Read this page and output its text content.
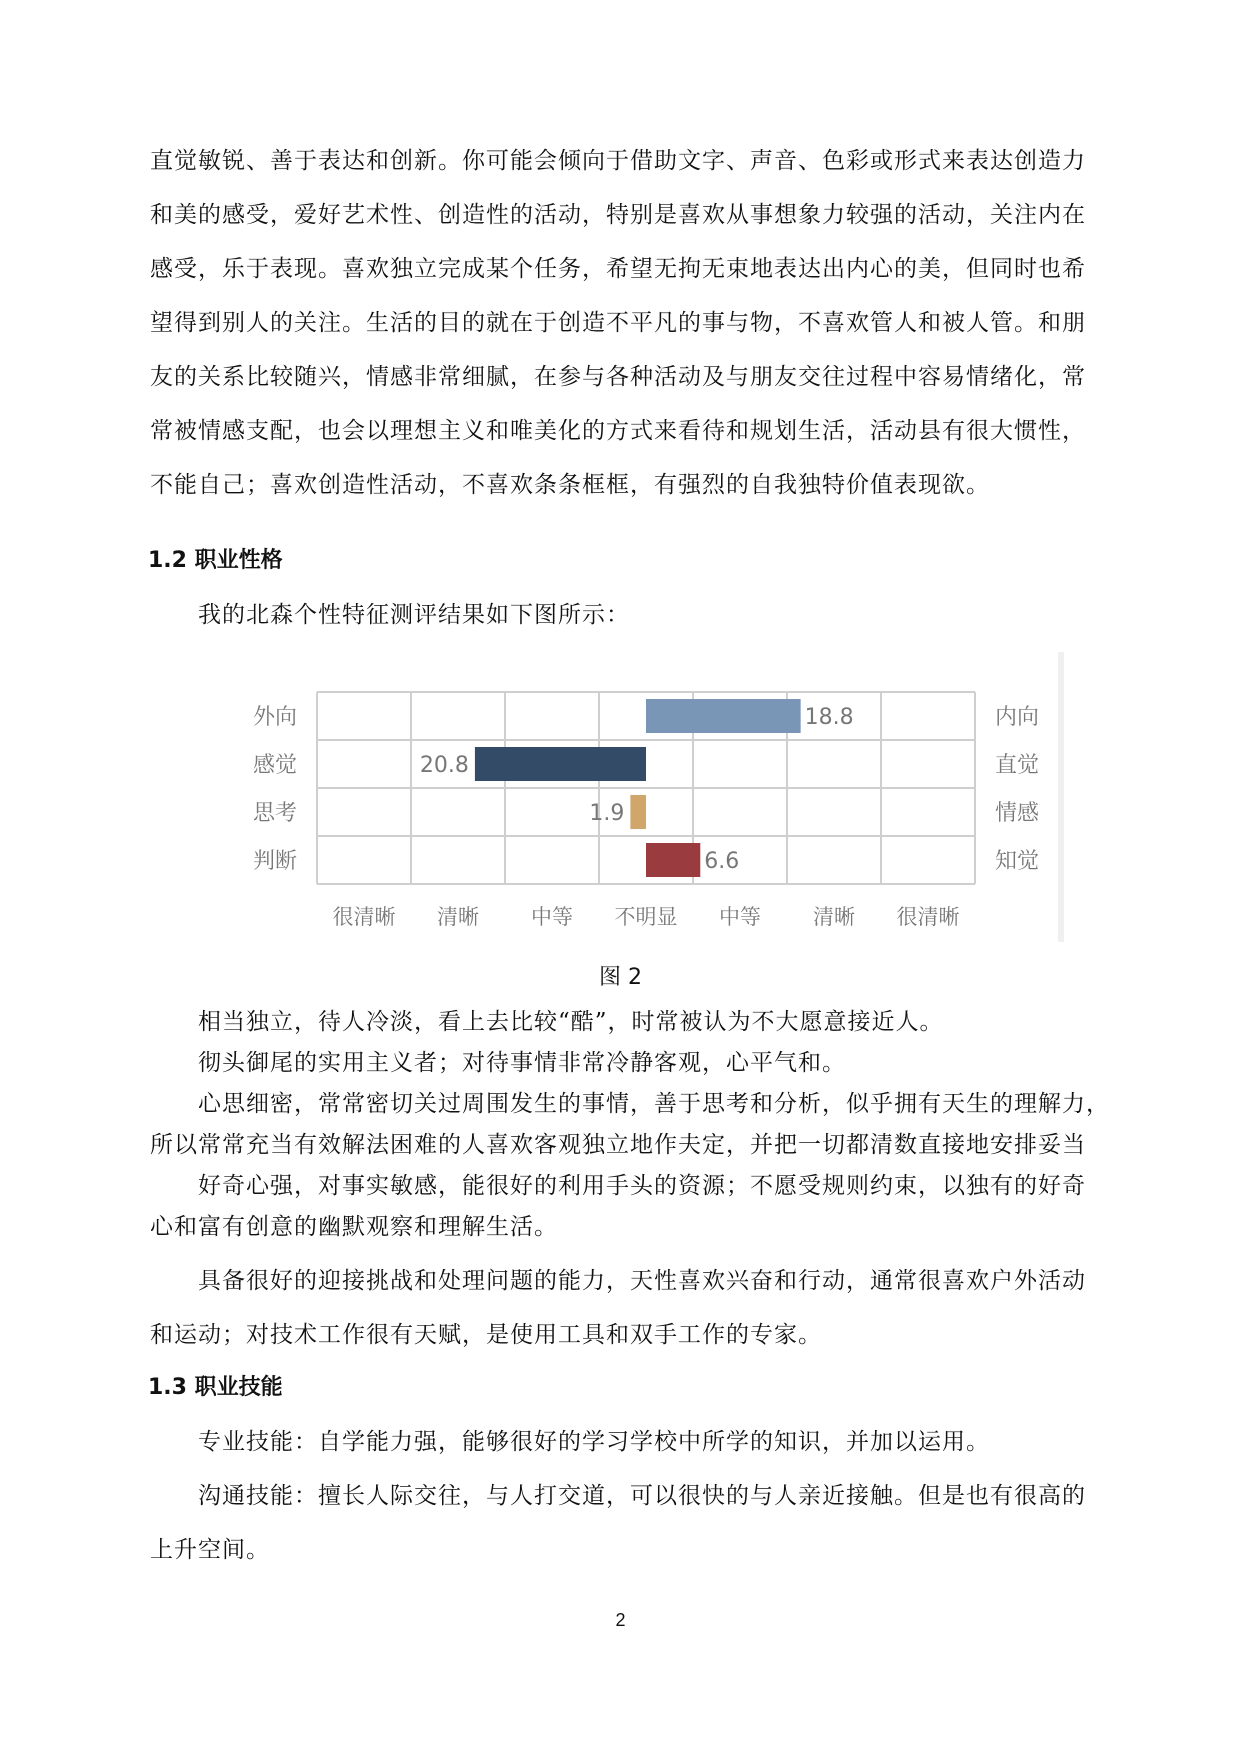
直觉敏锐、善于表达和创新。你可能会倾向于借助文字、声音、色彩或形式来表达创造力

和美的感受，爱好艺术性、创造性的活动，特别是喜欢从事想象力较强的活动，关注内在

感受，乐于表现。喜欢独立完成某个任务，希望无拘无束地表达出内心的美，但同时也希

望得到别人的关注。生活的目的就在于创造不平凡的事与物，不喜欢管人和被人管。和朋

友的关系比较随兴，情感非常细腻，在参与各种活动及与朋友交往过程中容易情绪化，常

常被情感支配，也会以理想主义和唯美化的方式来看待和规划生活，活动县有很大惯性，

不能自己；喜欢创造性活动，不喜欢条条框框，有强烈的自我独特价值表现欲。

1.2 职业性格
我的北森个性特征测评结果如下图所示：
18.8
外向	内向
20.8
感觉	直觉
1.9
思考	情感
6.6
判断	知觉
很清晰 清晰 中等 不明显 中等 清晰 很清晰
图 2
相当独立，待人冷淡，看上去比较“酷”，时常被认为不大愿意接近人。
彻头御尾的实用主义者；对待事情非常冷静客观，心平气和。
心思细密，常常密切关过周围发生的事情，善于思考和分析，似乎拥有天生的理解力，
所以常常充当有效解法困难的人喜欢客观独立地作夫定，并把一切都清数直接地安排妥当
好奇心强，对事实敏感，能很好的利用手头的资源；不愿受规则约束，以独有的好奇
心和富有创意的幽默观察和理解生活。
具备很好的迎接挑战和处理问题的能力，天性喜欢兴奋和行动，通常很喜欢户外活动
和运动；对技术工作很有天赋，是使用工具和双手工作的专家。
1.3 职业技能
专业技能：自学能力强，能够很好的学习学校中所学的知识，并加以运用。
沟通技能：擅长人际交往，与人打交道，可以很快的与人亲近接触。但是也有很高的
上升空间。
2
